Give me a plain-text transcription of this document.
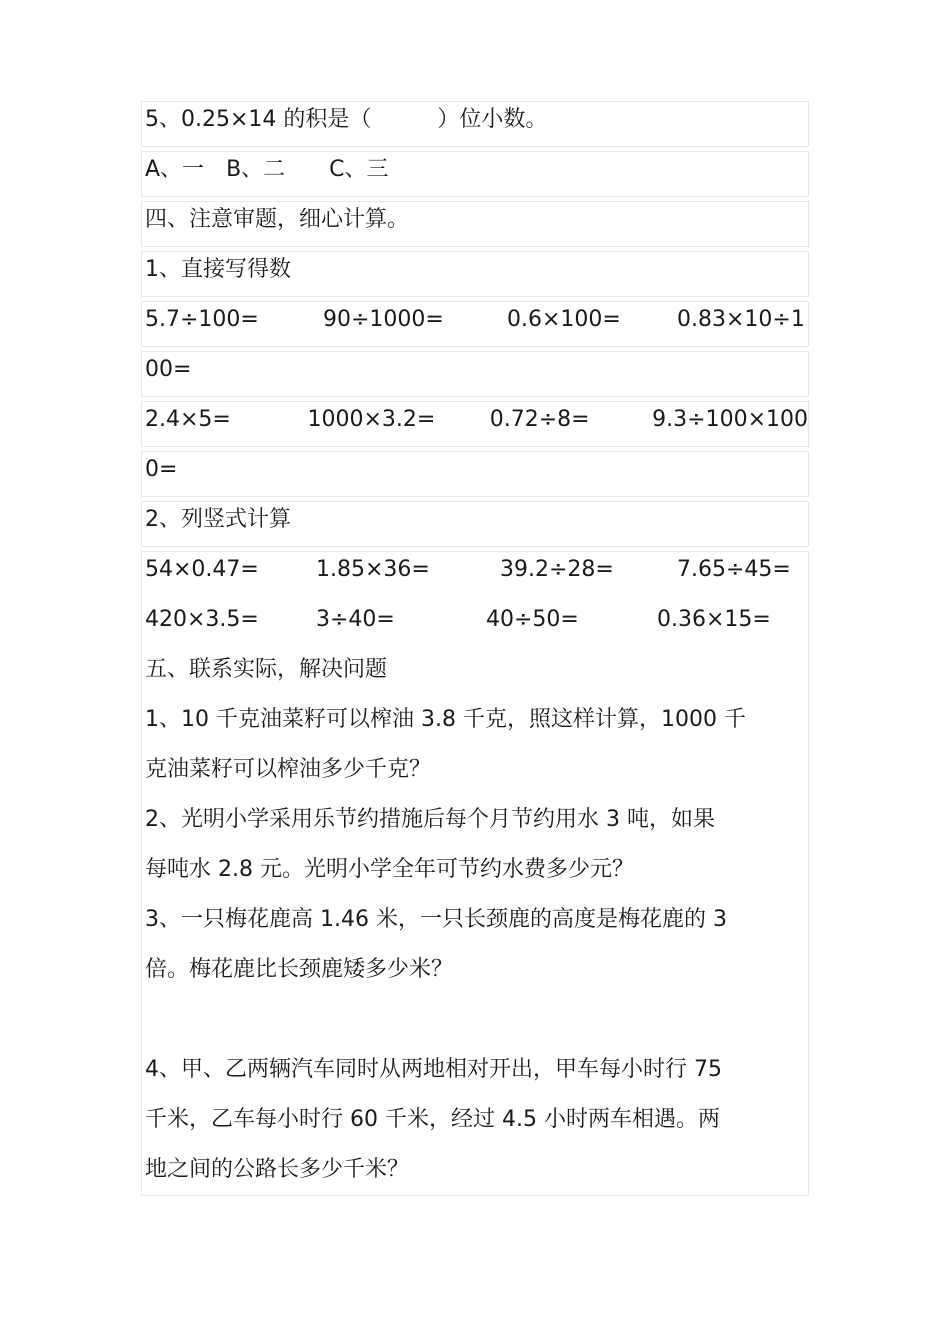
5、0.25×14 的积是（　　　）位小数。
A、一 B、二 C、三
四、注意审题，细心计算。
1、直接写得数
5.7÷100=	90÷1000=	0.6×100=	0.83×10÷1
00=
2.4×5=	1000×3.2=	0.72÷8=	9.3÷100×100
0=
2、列竖式计算
54×0.47=	1.85×36=	39.2÷28=	7.65÷45=
420×3.5=	3÷40=	40÷50=	0.36×15=
五、联系实际，解决问题
1、10 千克油菜籽可以榨油 3.8 千克，照这样计算，1000 千
克油菜籽可以榨油多少千克？
2、光明小学采用乐节约措施后每个月节约用水 3 吨，如果
每吨水 2.8 元。光明小学全年可节约水费多少元？
3、一只梅花鹿高 1.46 米，一只长颈鹿的高度是梅花鹿的 3
倍。梅花鹿比长颈鹿矮多少米？
4、甲、乙两辆汽车同时从两地相对开出，甲车每小时行 75
千米，乙车每小时行 60 千米，经过 4.5 小时两车相遇。两
地之间的公路长多少千米？
